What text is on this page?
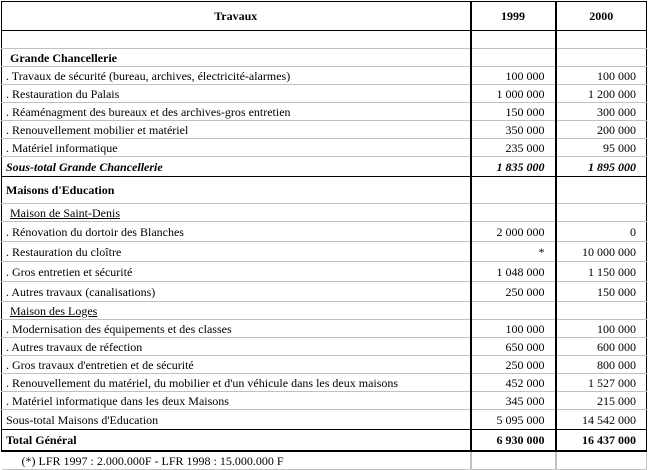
Travaux	1999	2000

Grande Chancellerie		
. Travaux de sécurité (bureau, archives, électricité-alarmes)	100 000	100 000
. Restauration du Palais	1 000 000	1 200 000
. Réaménagment des bureaux et des archives-gros entretien	150 000	300 000
. Renouvellement mobilier et matériel	350 000	200 000
. Matériel informatique	235 000	95 000
Sous-total Grande Chancellerie	1 835 000	1 895 000
Maisons d'Education		
Maison de Saint-Denis		
. Rénovation du dortoir des Blanches	2 000 000	0
. Restauration du cloître	*	10 000 000
. Gros entretien et sécurité	1 048 000	1 150 000
. Autres travaux (canalisations)	250 000	150 000
Maison des Loges		
. Modernisation des équipements et des classes	100 000	100 000
. Autres travaux de réfection	650 000	600 000
. Gros travaux d'entretien et de sécurité	250 000	800 000
. Renouvellement du matériel, du mobilier et d'un véhicule dans les deux maisons	452 000	1 527 000
. Matériel informatique dans les deux Maisons	345 000	215 000
Sous-total Maisons d'Education	5 095 000	14 542 000
Total Général	6 930 000	16 437 000
(*) LFR 1997 : 2.000.000F - LFR 1998 : 15.000.000 F		
